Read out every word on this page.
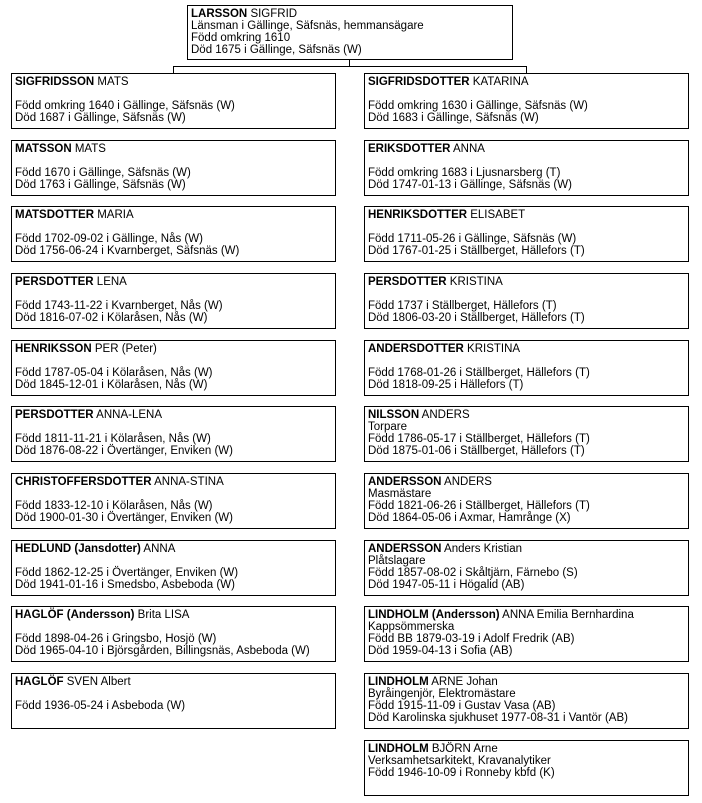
LARSSON SIGFRID
Länsman i Gällinge, Säfsnäs, hemmansägare
Född omkring 1610
Död 1675 i Gällinge, Säfsnäs (W)
SIGFRIDSSON MATS
Född omkring 1640 i Gällinge, Säfsnäs (W)
Död 1687 i Gällinge, Säfsnäs (W)
MATSSON MATS
Född 1670 i Gällinge, Säfsnäs (W)
Död 1763 i Gällinge, Säfsnäs (W)
MATSDOTTER MARIA
Född 1702-09-02 i Gällinge, Nås (W)
Död 1756-06-24 i Kvarnberget, Säfsnäs (W)
PERSDOTTER LENA
Född 1743-11-22 i Kvarnberget, Nås (W)
Död 1816-07-02 i Kölaråsen, Nås (W)
HENRIKSSON PER (Peter)
Född 1787-05-04 i Kölaråsen, Nås (W)
Död 1845-12-01 i Kölaråsen, Nås (W)
PERSDOTTER ANNA-LENA
Född 1811-11-21 i Kölaråsen, Nås (W)
Död 1876-08-22 i Övertänger, Enviken (W)
CHRISTOFFERSDOTTER ANNA-STINA
Född 1833-12-10 i Kölaråsen, Nås (W)
Död 1900-01-30 i Övertänger, Enviken (W)
HEDLUND (Jansdotter) ANNA
Född 1862-12-25 i Övertänger, Enviken (W)
Död 1941-01-16 i Smedsbo, Asbeboda (W)
HAGLÖF (Andersson) Brita LISA
Född 1898-04-26 i Gringsbo, Hosjö (W)
Död 1965-04-10 i Björsgården, Billingsnäs, Asbeboda (W)
HAGLÖF SVEN Albert
Född 1936-05-24 i Asbeboda (W)
SIGFRIDSDOTTER KATARINA
Född omkring 1630 i Gällinge, Säfsnäs (W)
Död 1683 i Gällinge, Säfsnäs (W)
ERIKSDOTTER ANNA
Född omkring 1683 i Ljusnarsberg (T)
Död 1747-01-13 i Gällinge, Säfsnäs (W)
HENRIKSDOTTER ELISABET
Född 1711-05-26 i Gällinge, Säfsnäs (W)
Död 1767-01-25 i Ställberget, Hällefors (T)
PERSDOTTER KRISTINA
Född 1737 i Ställberget, Hällefors (T)
Död 1806-03-20 i Ställberget, Hällefors (T)
ANDERSDOTTER KRISTINA
Född 1768-01-26 i Ställberget, Hällefors (T)
Död 1818-09-25 i Hällefors (T)
NILSSON ANDERS
Torpare
Född 1786-05-17 i Ställberget, Hällefors (T)
Död 1875-01-06 i Ställberget, Hällefors (T)
ANDERSSON ANDERS
Masmästare
Född 1821-06-26 i Ställberget, Hällefors (T)
Död 1864-05-06 i Axmar, Hamrånge (X)
ANDERSSON Anders Kristian
Plåtslagare
Född 1857-08-02 i Skåltjärn, Färnebo (S)
Död 1947-05-11 i Högalid (AB)
LINDHOLM (Andersson) ANNA Emilia Bernhardina
Kappsömmerska
Född BB 1879-03-19 i Adolf Fredrik (AB)
Död 1959-04-13 i Sofia (AB)
LINDHOLM ARNE Johan
Byråingenjör, Elektromästare
Född 1915-11-09 i Gustav Vasa (AB)
Död Karolinska sjukhuset 1977-08-31 i Vantör (AB)
LINDHOLM BJÖRN Arne
Verksamhetsarkitekt, Kravanalytiker
Född 1946-10-09 i Ronneby kbfd (K)
